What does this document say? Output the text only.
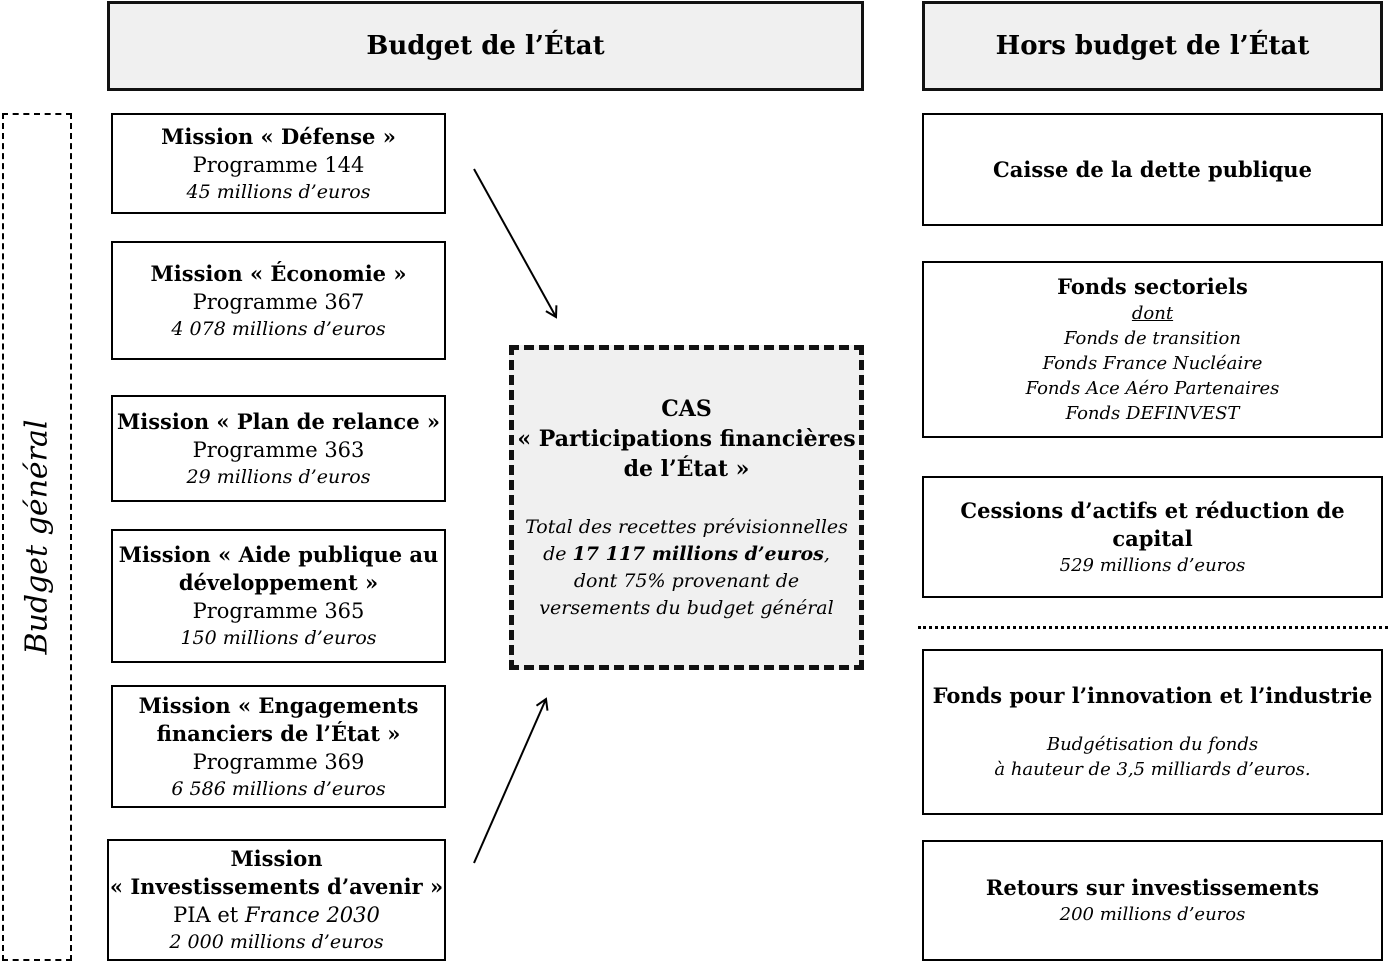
Budget de l’État	Hors budget de l’État
Budget général
Mission « Défense »
Programme 144
45 millions d’euros
Mission « Économie »
Programme 367
4 078 millions d’euros
Mission « Plan de relance »
Programme 363
29 millions d’euros
Mission « Aide publique au
développement »
Programme 365
150 millions d’euros
Mission « Engagements
financiers de l’État »
Programme 369
6 586 millions d’euros
Mission
« Investissements d’avenir »
PIA et France 2030
2 000 millions d’euros
CAS
« Participations financières
de l’État »
Total des recettes prévisionnelles
de 17 117 millions d’euros,
dont 75% provenant de
versements du budget général
Caisse de la dette publique
Fonds sectoriels
dont
Fonds de transition
Fonds France Nucléaire
Fonds Ace Aéro Partenaires
Fonds DEFINVEST
Cessions d’actifs et réduction de
capital
529 millions d’euros
Fonds pour l’innovation et l’industrie
Budgétisation du fonds
à hauteur de 3,5 milliards d’euros.
Retours sur investissements
200 millions d’euros
